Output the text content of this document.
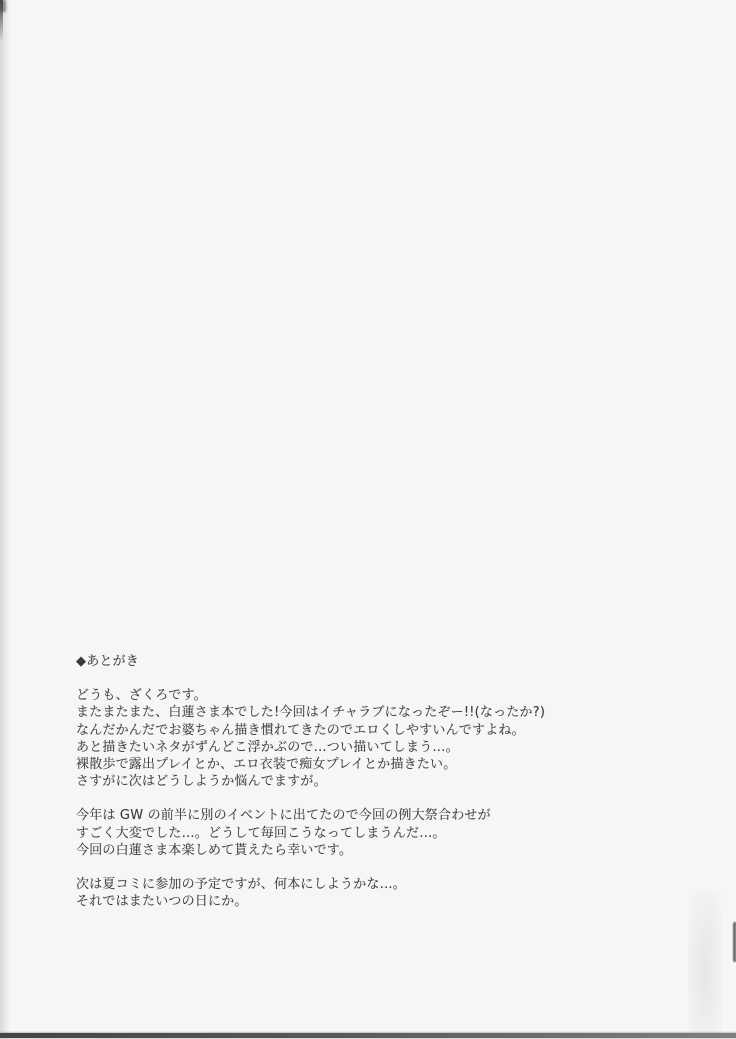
◆あとがき
どうも、ざくろです。
またまたまた、白蓮さま本でした!今回はイチャラブになったぞー!!(なったか?)
なんだかんだでお婆ちゃん描き慣れてきたのでエロくしやすいんですよね。
あと描きたいネタがずんどこ浮かぶので…つい描いてしまう…。
裸散歩で露出プレイとか、エロ衣装で痴女プレイとか描きたい。
さすがに次はどうしようか悩んでますが。
今年は GW の前半に別のイベントに出てたので今回の例大祭合わせが
すごく大変でした…。どうして毎回こうなってしまうんだ…。
今回の白蓮さま本楽しめて貰えたら幸いです。
次は夏コミに参加の予定ですが、何本にしようかな…。
それではまたいつの日にか。
